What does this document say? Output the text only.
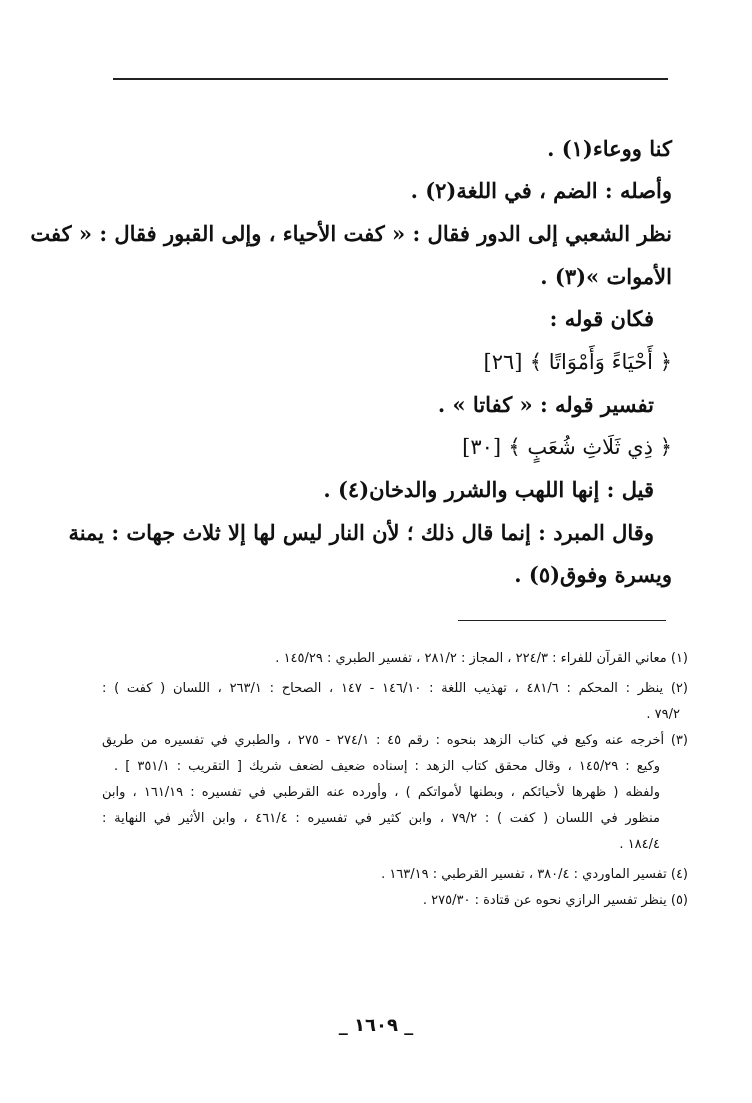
كنا ووعاء(١) .
وأصله : الضم ، في اللغة(٢) .
نظر الشعبي إلى الدور فقال : « كفت الأحياء ، وإلى القبور فقال : « كفت
الأموات »(٣) .
فكان قوله :
﴿ أَحْيَاءً وَأَمْوَاتًا ﴾ [٢٦]
تفسير قوله : « كفاتا » .
﴿ ذِي ثَلَاثِ شُعَبٍ ﴾ [٣٠]
قيل : إنها اللهب والشرر والدخان(٤) .
وقال المبرد : إنما قال ذلك ؛ لأن النار ليس لها إلا ثلاث جهات : يمنة
ويسرة وفوق(٥) .
(١) معاني القرآن للفراء : ٢٢٤/٣ ، المجاز : ٢٨١/٢ ، تفسير الطبري : ١٤٥/٢٩ .
(٢) ينظر : المحكم : ٤٨١/٦ ، تهذيب اللغة : ١٤٦/١٠ - ١٤٧ ، الصحاح : ٢٦٣/١ ، اللسان ( كفت ) :
٧٩/٢ .
(٣) أخرجه عنه وكيع في كتاب الزهد بنحوه : رقم ٤٥ : ٢٧٤/١ - ٢٧٥ ، والطبري في تفسيره من طريق
وكيع : ١٤٥/٢٩ ، وقال محقق كتاب الزهد : إسناده ضعيف لضعف شريك [ التقريب : ٣٥١/١ ] .
ولفظه ( ظهرها لأحيائكم ، وبطنها لأمواتكم ) ، وأورده عنه القرطبي في تفسيره : ١٦١/١٩ ، وابن
منظور في اللسان ( كفت ) : ٧٩/٢ ، وابن كثير في تفسيره : ٤٦١/٤ ، وابن الأثير في النهاية :
١٨٤/٤ .
(٤) تفسير الماوردي : ٣٨٠/٤ ، تفسير القرطبي : ١٦٣/١٩ .
(٥) ينظر تفسير الرازي نحوه عن قتادة : ٢٧٥/٣٠ .
_ ١٦٠٩ _
